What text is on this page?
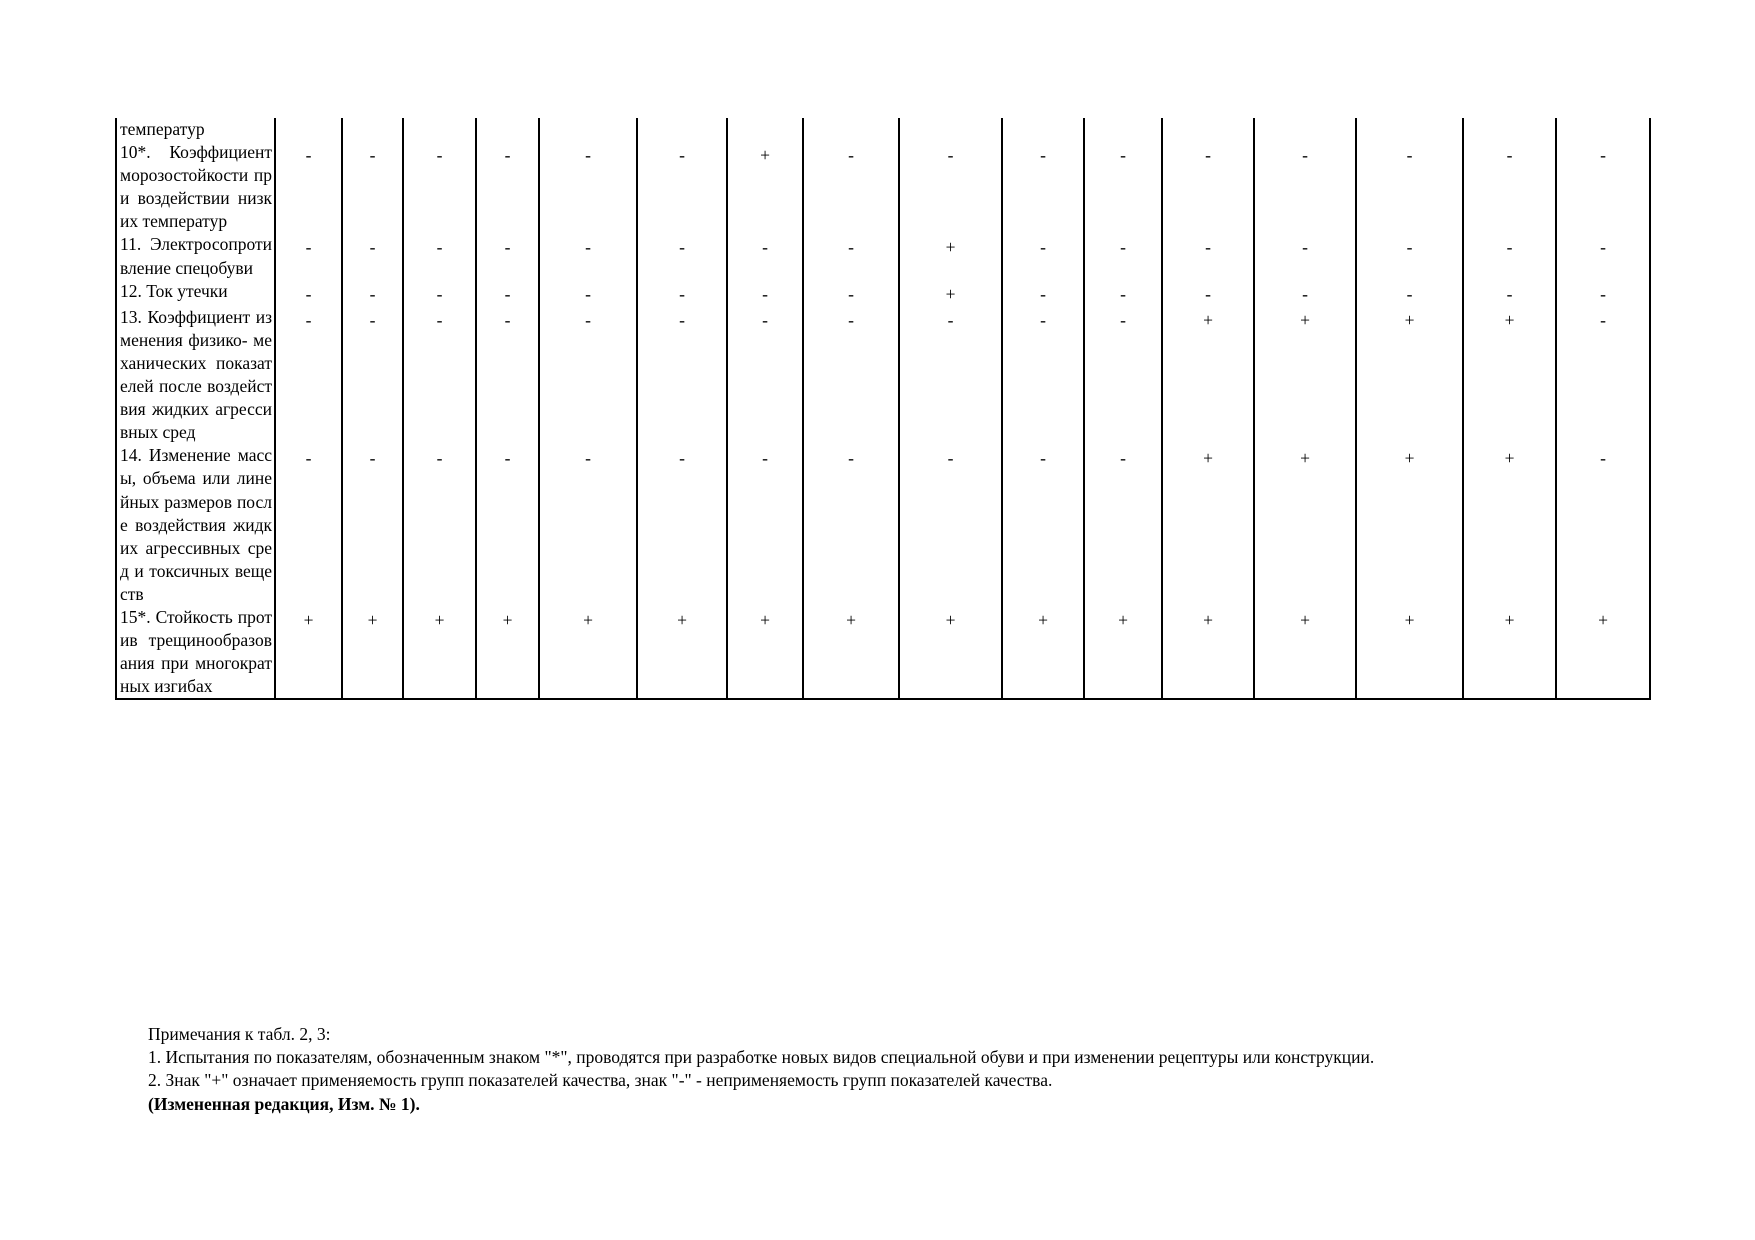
температур																
10*. Коэффициент морозостойкости при воздействии низких температур	-	-	-	-	-	-	+	-	-	-	-	-	-	-	-	-
11. Электросопроти вление спецобуви	-	-	-	-	-	-	-	-	+	-	-	-	-	-	-	-
12. Ток утечки	-	-	-	-	-	-	-	-	+	-	-	-	-	-	-	-
13. Коэффициент изменения физико- механических показателей после воздействия жидких агрессивных сред	-	-	-	-	-	-	-	-	-	-	-	+	+	+	+	-
14. Изменение массы, объема или линейных размеров после воздействия жидких агрессивных сред и токсичных веществ	-	-	-	-	-	-	-	-	-	-	-	+	+	+	+	-
15*. Стойкость против трещинообразов ания при многократных изгибах	+	+	+	+	+	+	+	+	+	+	+	+	+	+	+	+
Примечания к табл. 2, 3:
1. Испытания по показателям, обозначенным знаком "*", проводятся при разработке новых видов специальной обуви и при изменении рецептуры или конструкции.
2. Знак "+" означает применяемость групп показателей качества, знак "-" - неприменяемость групп показателей качества.
(Измененная редакция, Изм. № 1).
